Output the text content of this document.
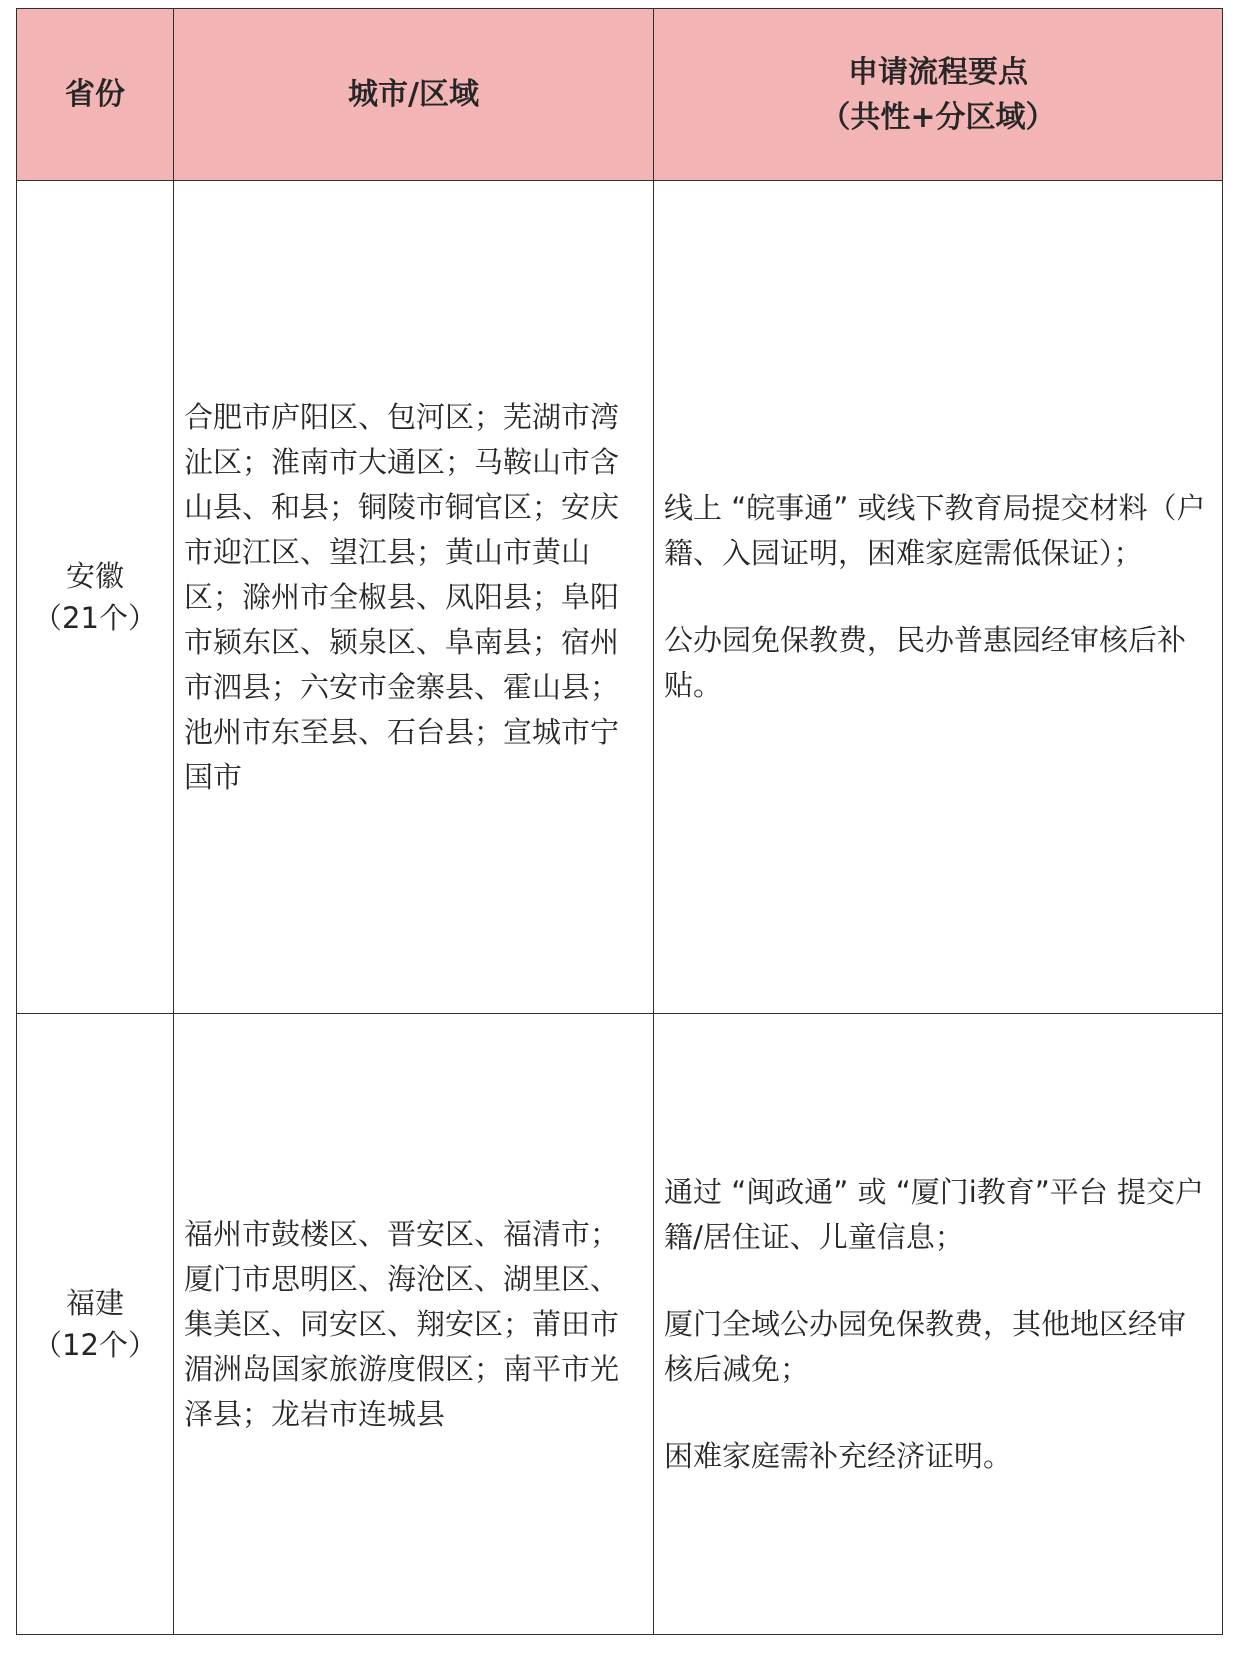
省份	城市/区域	申请流程要点
（共性+分区域）

安徽
（21个）	合肥市庐阳区、包河区；芜湖市湾沚区；淮南市大通区；马鞍山市含山县、和县；铜陵市铜官区；安庆市迎江区、望江县；黄山市黄山区；滁州市全椒县、凤阳县；阜阳市颍东区、颍泉区、阜南县；宿州市泗县；六安市金寨县、霍山县；池州市东至县、石台县；宣城市宁国市	线上 “皖事通” 或线下教育局提交材料（户籍、入园证明，困难家庭需低保证）；
公办园免保教费，民办普惠园经审核后补贴。

福建
（12个）	福州市鼓楼区、晋安区、福清市；厦门市思明区、海沧区、湖里区、集美区、同安区、翔安区；莆田市湄洲岛国家旅游度假区；南平市光泽县；龙岩市连城县	通过 “闽政通” 或 “厦门i教育”平台 提交户籍/居住证、儿童信息；
厦门全域公办园免保教费，其他地区经审核后减免；
困难家庭需补充经济证明。
